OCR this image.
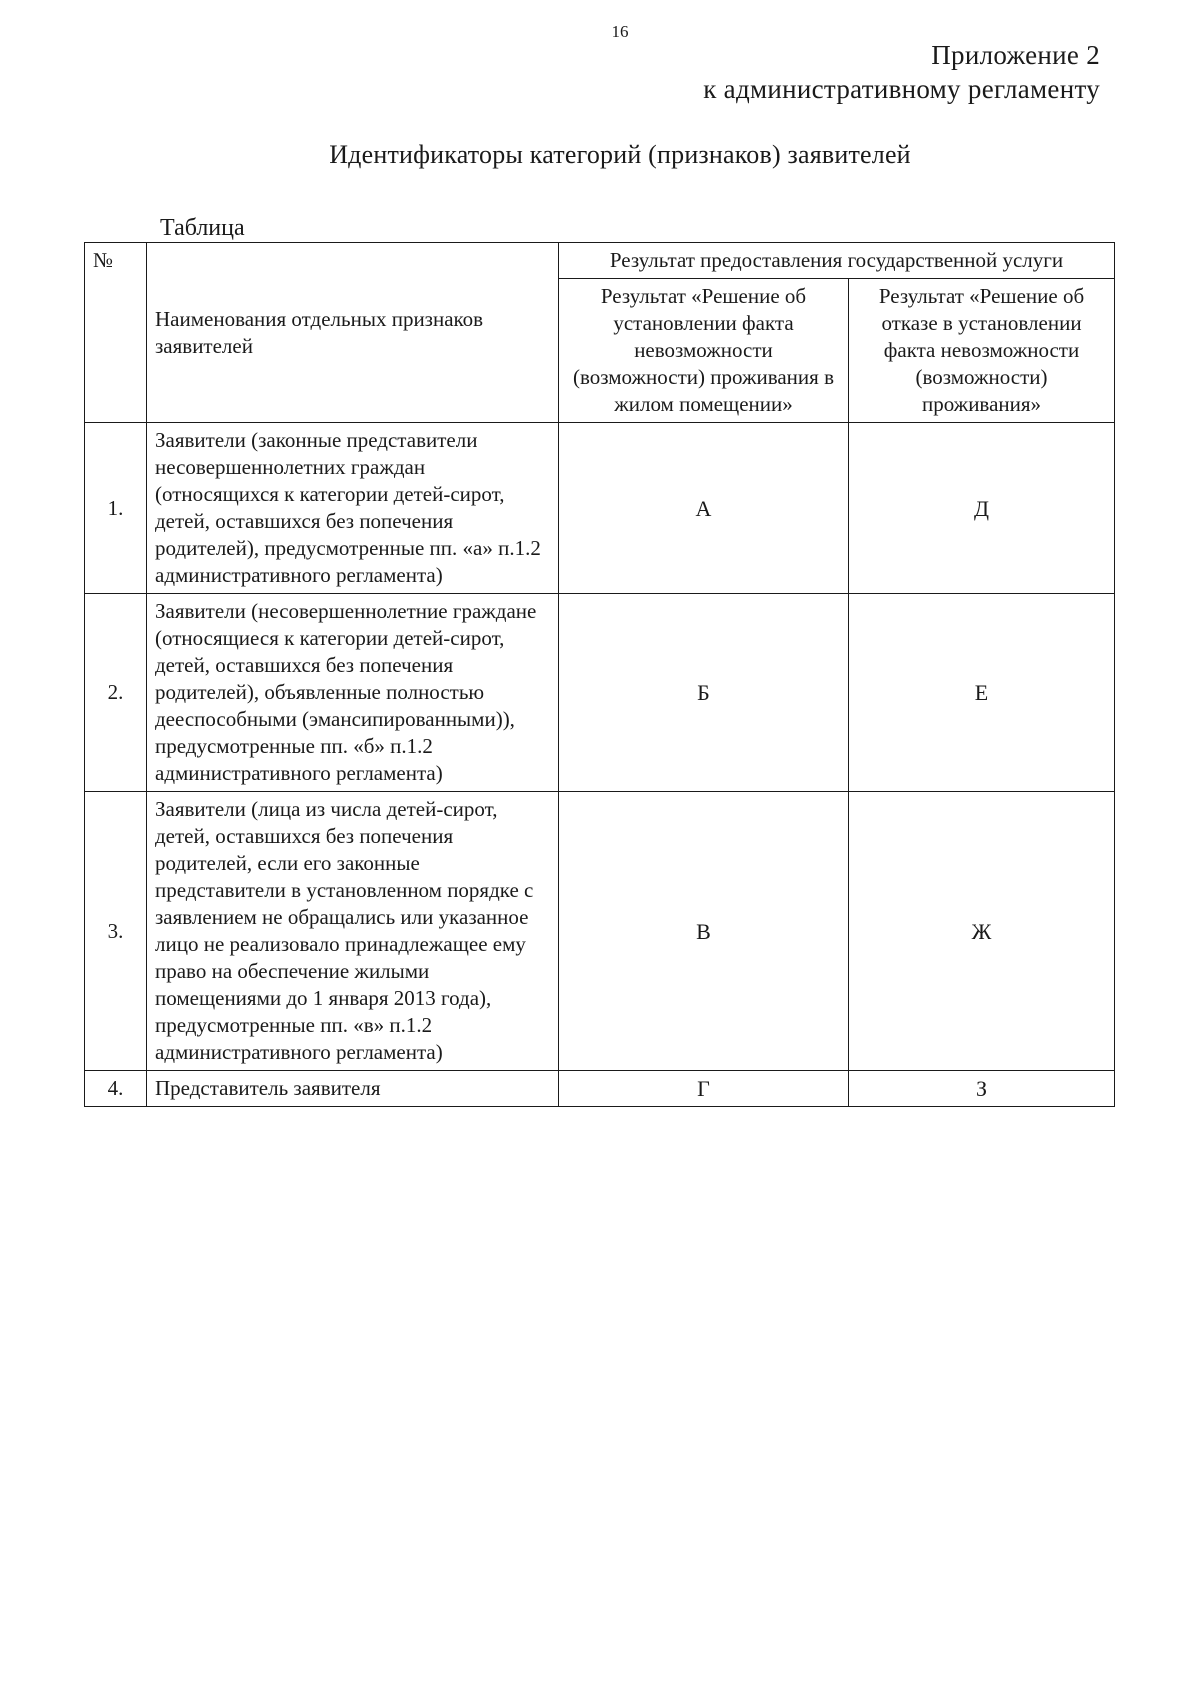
16
Приложение 2
к административному регламенту
Идентификаторы категорий (признаков) заявителей
Таблица
№	Наименования отдельных признаков заявителей	Результат предоставления государственной услуги	
		Результат «Решение об установлении факта невозможности (возможности) проживания в жилом помещении»	Результат «Решение об отказе в установлении факта невозможности (возможности) проживания»
1.	Заявители (законные представители несовершеннолетних граждан (относящихся к категории детей-сирот, детей, оставшихся без попечения родителей), предусмотренные пп. «а» п.1.2 административного регламента)	А	Д
2.	Заявители (несовершеннолетние граждане (относящиеся к категории детей-сирот, детей, оставшихся без попечения родителей), объявленные полностью дееспособными (эмансипированными)), предусмотренные пп. «б» п.1.2 административного регламента)	Б	Е
3.	Заявители (лица из числа детей-сирот, детей, оставшихся без попечения родителей, если его законные представители в установленном порядке с заявлением не обращались или указанное лицо не реализовало принадлежащее ему право на обеспечение жилыми помещениями до 1 января 2013 года), предусмотренные пп. «в» п.1.2 административного регламента)	В	Ж
4.	Представитель заявителя	Г	З
